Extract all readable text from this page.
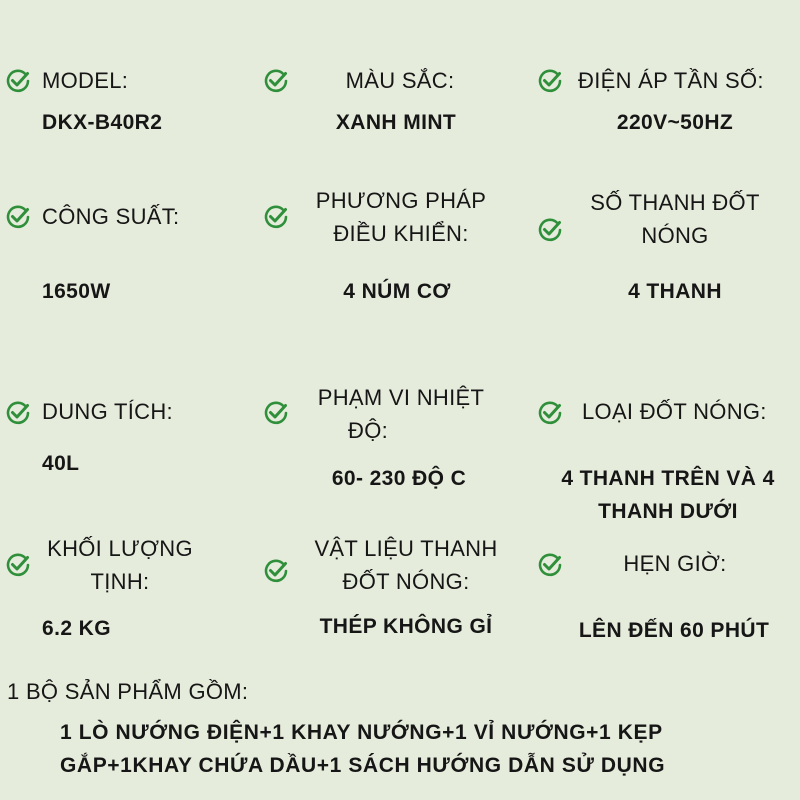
MODEL:
DKX-B40R2
MÀU SẮC:
XANH MINT
ĐIỆN ÁP TẦN SỐ:
220V~50HZ
CÔNG SUẤT:
1650W
PHƯƠNG PHÁP
ĐIỀU KHIỂN:
4 NÚM CƠ
SỐ THANH ĐỐT
NÓNG
4 THANH
DUNG TÍCH:
40L
PHẠM VI NHIỆT
ĐỘ:
60- 230 ĐỘ C
LOẠI ĐỐT NÓNG:
4 THANH TRÊN VÀ 4
THANH DƯỚI
KHỐI LƯỢNG
TỊNH:
6.2 KG
VẬT LIỆU THANH
ĐỐT NÓNG:
THÉP KHÔNG GỈ
HẸN GIỜ:
LÊN ĐẾN 60 PHÚT
1 BỘ SẢN PHẨM GỒM:
1 LÒ NƯỚNG ĐIỆN+1 KHAY NƯỚNG+1 VỈ NƯỚNG+1 KẸP
GẮP+1KHAY CHỨA DẦU+1 SÁCH HƯỚNG DẪN SỬ DỤNG
